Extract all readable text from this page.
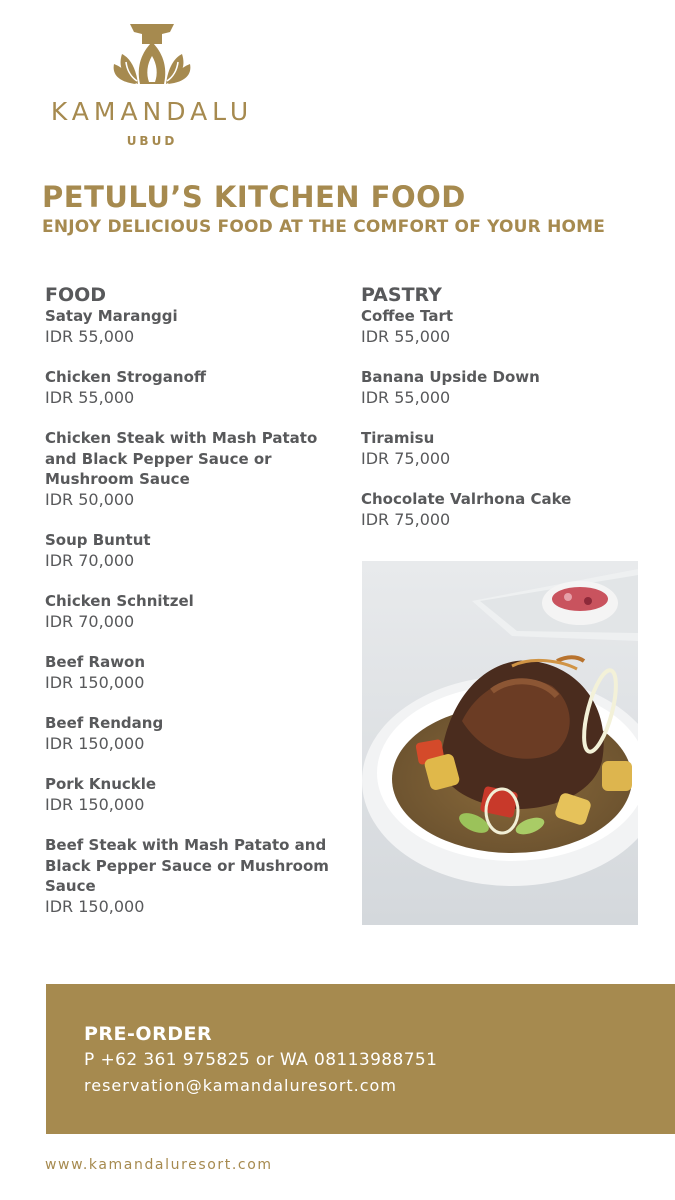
KAMANDALU
UBUD
PETULU’S KITCHEN FOOD
ENJOY DELICIOUS FOOD AT THE COMFORT OF YOUR HOME
FOOD
Satay Maranggi
IDR 55,000
Chicken Stroganoff
IDR 55,000
Chicken Steak with Mash Patato and Black Pepper Sauce or Mushroom Sauce
IDR 50,000
Soup Buntut
IDR 70,000
Chicken Schnitzel
IDR 70,000
Beef Rawon
IDR 150,000
Beef Rendang
IDR 150,000
Pork Knuckle
IDR 150,000
Beef Steak with Mash Patato and Black Pepper Sauce or Mushroom Sauce
IDR 150,000
PASTRY
Coffee Tart
IDR 55,000
Banana Upside Down
IDR 55,000
Tiramisu
IDR 75,000
Chocolate Valrhona Cake
IDR 75,000
PRE-ORDER
P +62 361 975825 or WA 08113988751
reservation@kamandaluresort.com
www.kamandaluresort.com
